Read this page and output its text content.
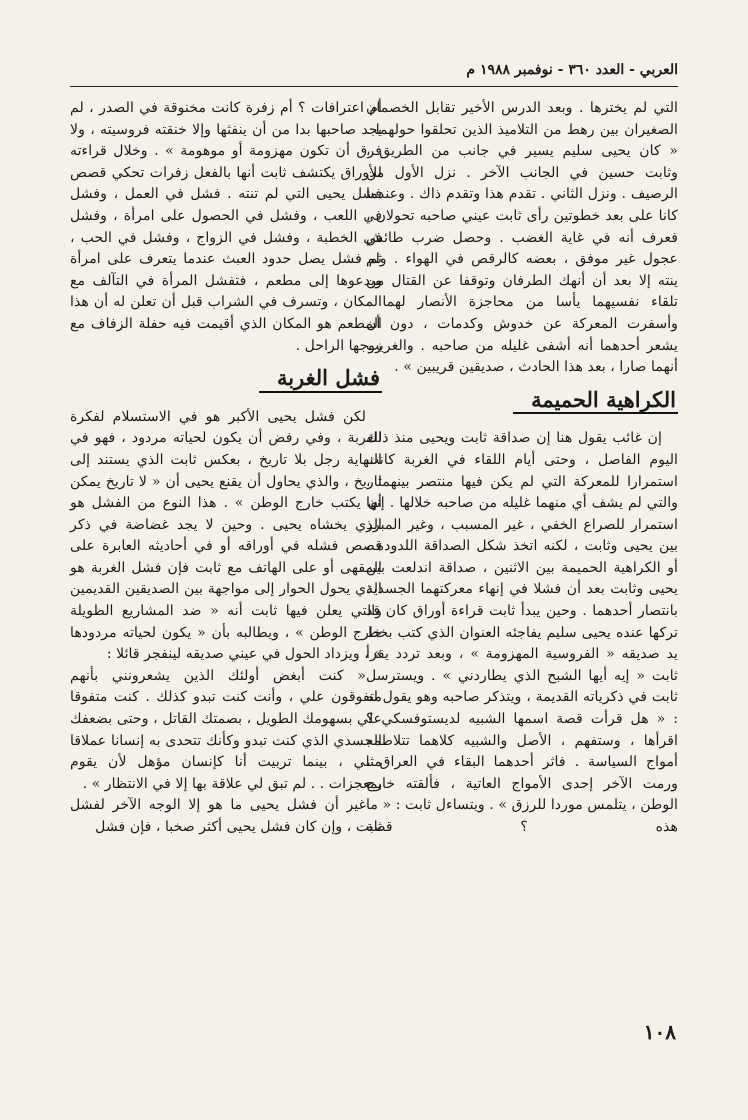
العربي - العدد ٣٦٠ - نوفمبر ١٩٨٨ م

التي لم يخترها . وبعد الدرس الأخير تقابل الخصمان الصغيران بين رهط من التلاميذ الذين تحلقوا حولهما . « كان يحيى سليم يسير في جانب من الطريق ، وثابت حسين في الجانب الآخر . نزل الأول من الرصيف . ونزل الثاني . تقدم هذا وتقدم ذاك . وعندما كانا على بعد خطوتين رأى ثابت عيني صاحبه تحولان ، فعرف أنه في غاية الغضب . وحصل ضرب طائش عجول غير موفق ، بعضه كالرقص في الهواء . ولم ينته إلا بعد أن أنهك الطرفان وتوقفا عن القتال من تلقاء نفسيهما يأسا من محاجزة الأنصار لهما . وأسفرت المعركة عن خدوش وكدمات ، دون أن يشعر أحدهما أنه أشفى غليله من صاحبه . والغريب أنهما صارا ، بعد هذا الحادث ، صديقين قريبين » .

الكراهية الحميمة

إن غائب يقول هنا إن صداقة ثابت ويحيى منذ ذلك اليوم الفاصل ، وحتى أيام اللقاء في الغربة كانت استمرارا للمعركة التي لم يكن فيها منتصر بينهما ، والتي لم يشف أي منهما غليله من صاحبه خلالها . إنها استمرار للصراع الخفي ، غير المسبب ، وغير المبرر بين يحيى وثابت ، لكنه اتخذ شكل الصداقة اللدودة ، أو الكراهية الحميمة بين الاثنين ، صداقة اندلعت بين يحيى وثابت بعد أن فشلا في إنهاء معركتهما الجسدية بانتصار أحدهما . وحين يبدأ ثابت قراءة أوراق كان قد تركها عنده يحيى سليم يفاجئه العنوان الذي كتب بخط يد صديقه « الفروسية المهزومة » ، وبعد تردد يقرأ ثابت « إيه أيها الشبح الذي يطاردني » . ويسترسل ثابت في ذكرياته القديمة ، ويتذكر صاحبه وهو يقول له : « هل قرأت قصة اسمها الشبيه لديستوفسكي ؟ اقرأها ، وستفهم ، الأصل والشبيه كلاهما تتلاطمه أمواج السياسة . فاثر أحدهما البقاء في العراق ، ورمت الآخر إحدى الأمواج العاتية ، فألقته خارج الوطن ، يتلمس موردا للرزق » . ويتساءل ثابت : « ما هذه ؟ قصة

أم اعترافات ؟ أم زفرة كانت مخنوقة في الصدر ، لم يجد صاحبها بدا من أن ينفثها وإلا خنقته فروسيته ، ولا فرق أن تكون مهزومة أو موهومة » . وخلال قراءته للأوراق يكتشف ثابت أنها بالفعل زفرات تحكي قصص فشل يحيى التي لم تنته . فشل في العمل ، وفشل في اللعب ، وفشل في الحصول على امرأة ، وفشل في الخطبة ، وفشل في الزواج ، وفشل في الحب ، ثم فشل يصل حدود العبث عندما يتعرف على امرأة ويدعوها إلى مطعم ، فتفشل المرأة في التآلف مع المكان ، وتسرف في الشراب قبل أن تعلن له أن هذا المطعم هو المكان الذي أقيمت فيه حفلة الزفاف مع زوجها الراحل .

فشل الغربة

لكن فشل يحيى الأكبر هو في الاستسلام لفكرة الغربة ، وفي رفض أن يكون لحياته مردود ، فهو في النهاية رجل بلا تاريخ ، بعكس ثابت الذي يستند إلى تاريخ ، والذي يحاول أن يقنع يحيى أن « لا تاريخ يمكن أن يكتب خارج الوطن » . هذا النوع من الفشل هو الذي يخشاه يحيى . وحين لا يجد غضاضة في ذكر قصص فشله في أوراقه أو في أحاديثه العابرة على المقهى أو على الهاتف مع ثابت فإن فشل الغربة هو الذي يحول الحوار إلى مواجهة بين الصديقين القديمين والتي يعلن فيها ثابت أنه « ضد المشاريع الطويلة خارج الوطن » ، ويطالبه بأن « يكون لحياته مردودها » ، ويزداد الحول في عيني صديقه لينفجر قائلا :

« كنت أبغض أولئك الذين يشعرونني بأنهم متفوقون علي ، وأنت كنت تبدو كذلك . كنت متفوقا علي بسهومك الطويل ، بصمتك القاتل ، وحتى بضعفك الجسدي الذي كنت تبدو وكأنك تتحدى به إنسانا عملاقا مثلي ، بينما تربيت أنا كإنسان مؤهل لأن يقوم بمعجزات . . لم تبق لي علاقة بها إلا في الانتظار » .

غير أن فشل يحيى ما هو إلا الوجه الآخر لفشل ثابت ، وإن كان فشل يحيى أكثر صخبا ، فإن فشل

١٠٨
